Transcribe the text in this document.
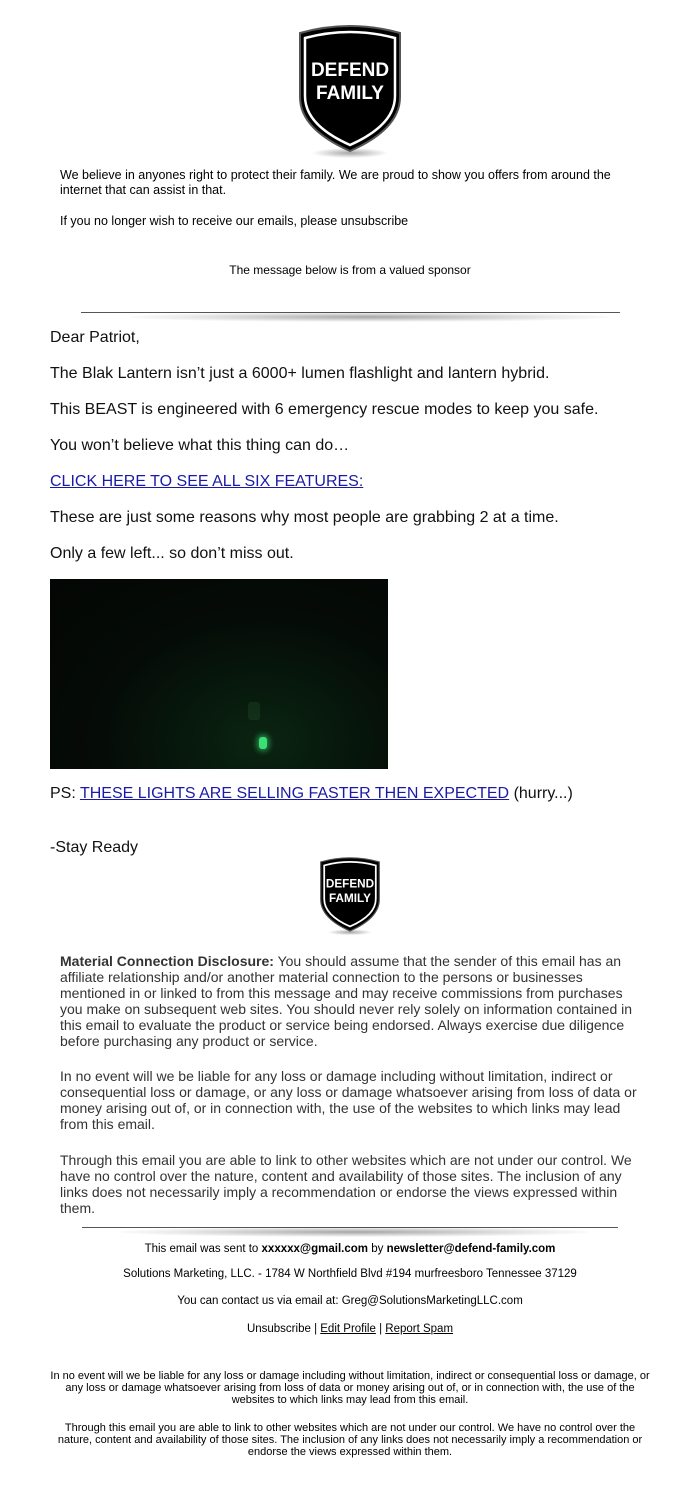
DEFEND
FAMILY
We believe in anyones right to protect their family. We are proud to show you offers from around the internet that can assist in that.
If you no longer wish to receive our emails, please unsubscribe
The message below is from a valued sponsor
Dear Patriot,
The Blak Lantern isn’t just a 6000+ lumen flashlight and lantern hybrid.
This BEAST is engineered with 6 emergency rescue modes to keep you safe.
You won’t believe what this thing can do…
CLICK HERE TO SEE ALL SIX FEATURES:
These are just some reasons why most people are grabbing 2 at a time.
Only a few left... so don’t miss out.
PS: THESE LIGHTS ARE SELLING FASTER THEN EXPECTED (hurry...)
-Stay Ready
DEFEND
FAMILY
Material Connection Disclosure: You should assume that the sender of this email has an affiliate relationship and/or another material connection to the persons or businesses mentioned in or linked to from this message and may receive commissions from purchases you make on subsequent web sites. You should never rely solely on information contained in this email to evaluate the product or service being endorsed. Always exercise due diligence before purchasing any product or service.
In no event will we be liable for any loss or damage including without limitation, indirect or consequential loss or damage, or any loss or damage whatsoever arising from loss of data or money arising out of, or in connection with, the use of the websites to which links may lead from this email.
Through this email you are able to link to other websites which are not under our control. We have no control over the nature, content and availability of those sites. The inclusion of any links does not necessarily imply a recommendation or endorse the views expressed within them.
This email was sent to xxxxxx@gmail.com by newsletter@defend-family.com
Solutions Marketing, LLC. - 1784 W Northfield Blvd #194 murfreesboro Tennessee 37129
You can contact us via email at: Greg@SolutionsMarketingLLC.com
Unsubscribe | Edit Profile | Report Spam
In no event will we be liable for any loss or damage including without limitation, indirect or consequential loss or damage, or any loss or damage whatsoever arising from loss of data or money arising out of, or in connection with, the use of the websites to which links may lead from this email.
Through this email you are able to link to other websites which are not under our control. We have no control over the nature, content and availability of those sites. The inclusion of any links does not necessarily imply a recommendation or endorse the views expressed within them.
